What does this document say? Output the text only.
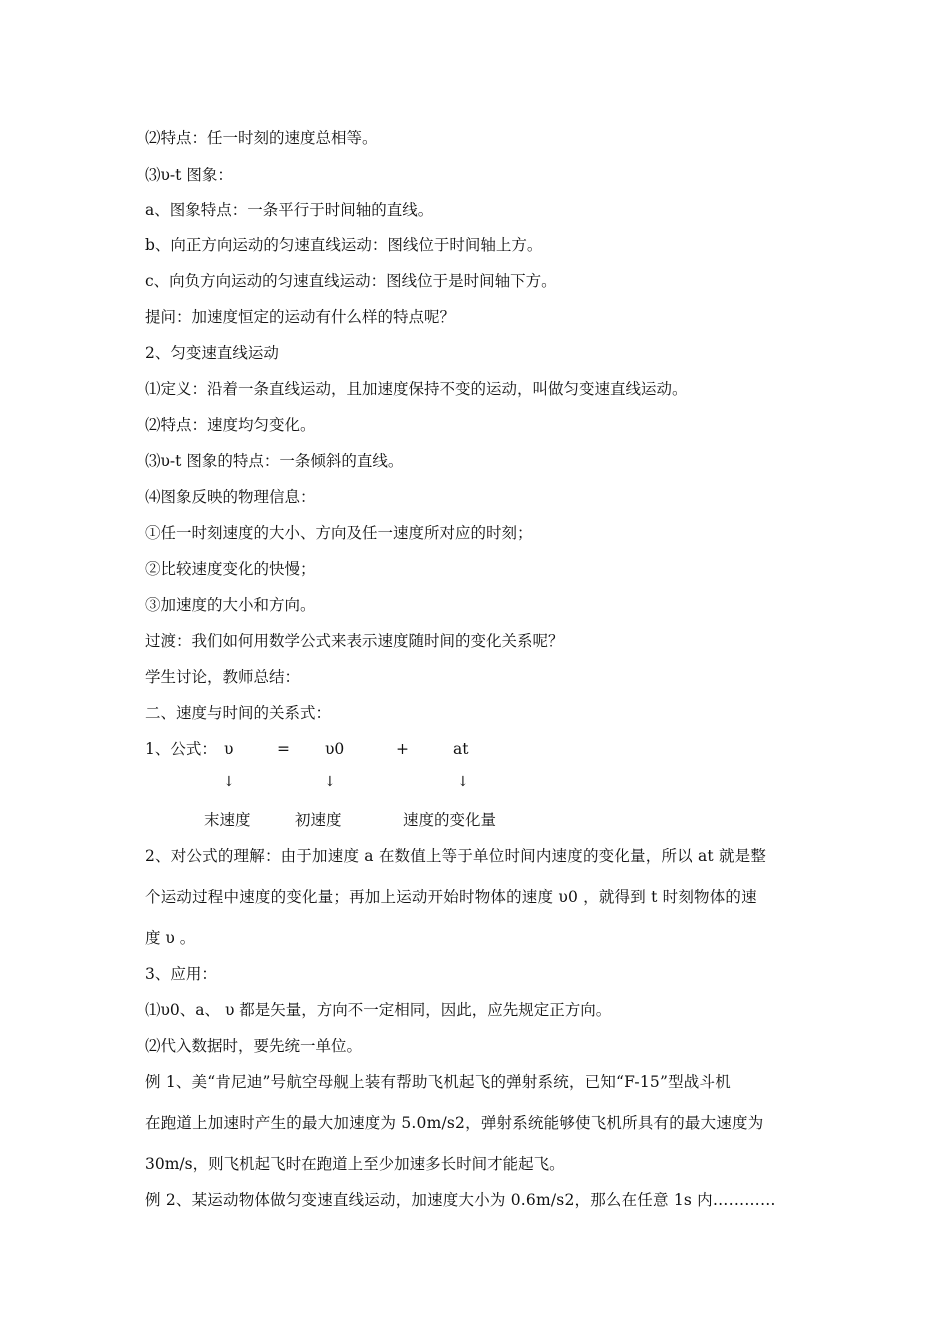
⑵特点：任一时刻的速度总相等。
⑶υ-t 图象：
a、图象特点：一条平行于时间轴的直线。
b、向正方向运动的匀速直线运动：图线位于时间轴上方。
c、向负方向运动的匀速直线运动：图线位于是时间轴下方。
提问：加速度恒定的运动有什么样的特点呢？
2、匀变速直线运动
⑴定义：沿着一条直线运动，且加速度保持不变的运动，叫做匀变速直线运动。
⑵特点：速度均匀变化。
⑶υ-t 图象的特点：一条倾斜的直线。
⑷图象反映的物理信息：
①任一时刻速度的大小、方向及任一速度所对应的时刻；
②比较速度变化的快慢；
③加速度的大小和方向。
过渡：我们如何用数学公式来表示速度随时间的变化关系呢？
学生讨论，教师总结：
二、速度与时间的关系式：
1、公式： υ	= υ0	+	at
↓	↓	↓
末速度	初速度	速度的变化量
2、对公式的理解：由于加速度 a 在数值上等于单位时间内速度的变化量，所以 at 就是整
个运动过程中速度的变化量；再加上运动开始时物体的速度 υ0 ，就得到 t 时刻物体的速
度 υ 。
3、应用：
⑴υ0、a、 υ 都是矢量，方向不一定相同，因此，应先规定正方向。
⑵代入数据时，要先统一单位。
例 1、美“肯尼迪”号航空母舰上装有帮助飞机起飞的弹射系统，已知“F-15”型战斗机
在跑道上加速时产生的最大加速度为 5.0m/s2，弹射系统能够使飞机所具有的最大速度为
30m/s，则飞机起飞时在跑道上至少加速多长时间才能起飞。
例 2、某运动物体做匀变速直线运动，加速度大小为 0.6m/s2，那么在任意 1s 内…………
